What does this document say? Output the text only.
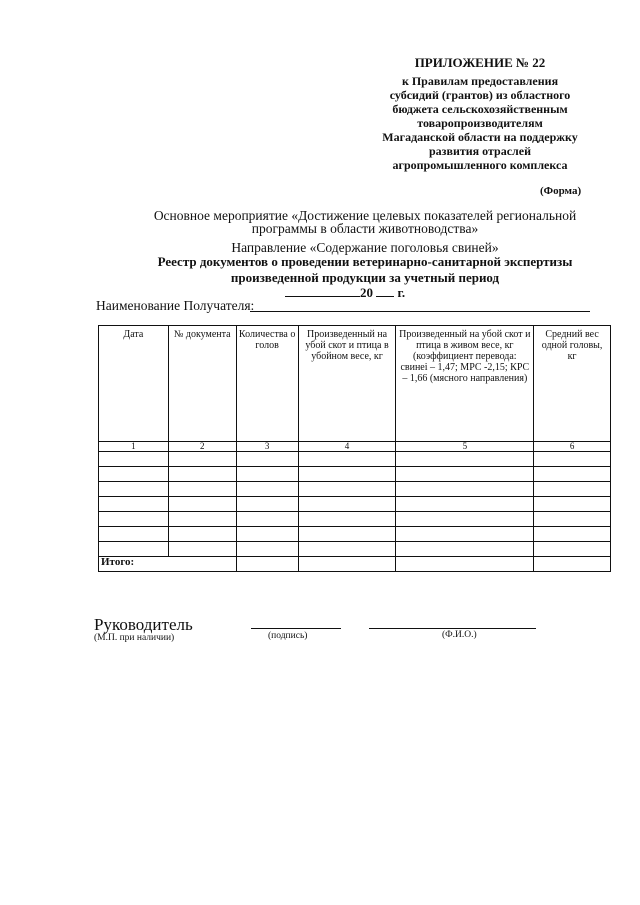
ПРИЛОЖЕНИЕ № 22
к Правилам предоставления
субсидий (грантов) из областного
бюджета сельскохозяйственным
товаропроизводителям
Магаданской области на поддержку
развития отраслей
агропромышленного комплекса
(Форма)
Основное мероприятие «Достижение целевых показателей региональной
программы в области животноводства»
Направление «Содержание поголовья свиней»
Реестр документов о проведении ветеринарно-санитарной экспертизы
произведенной продукции за учетный период
20 г.
Наименование Получателя:
Дата	№ документа	Количества о голов	Произведенный на убой скот и птица в убойном весе, кг	Произведенный на убой скот и птица в живом весе, кг (коэффициент перевода: свинei – 1,47; МРС -2,15; КРС – 1,66 (мясного направления)	Средний вес одной головы, кг
1	2	3	4	5	6

Итого:					
Руководитель
(М.П. при наличии)	(подпись)	(Ф.И.О.)
